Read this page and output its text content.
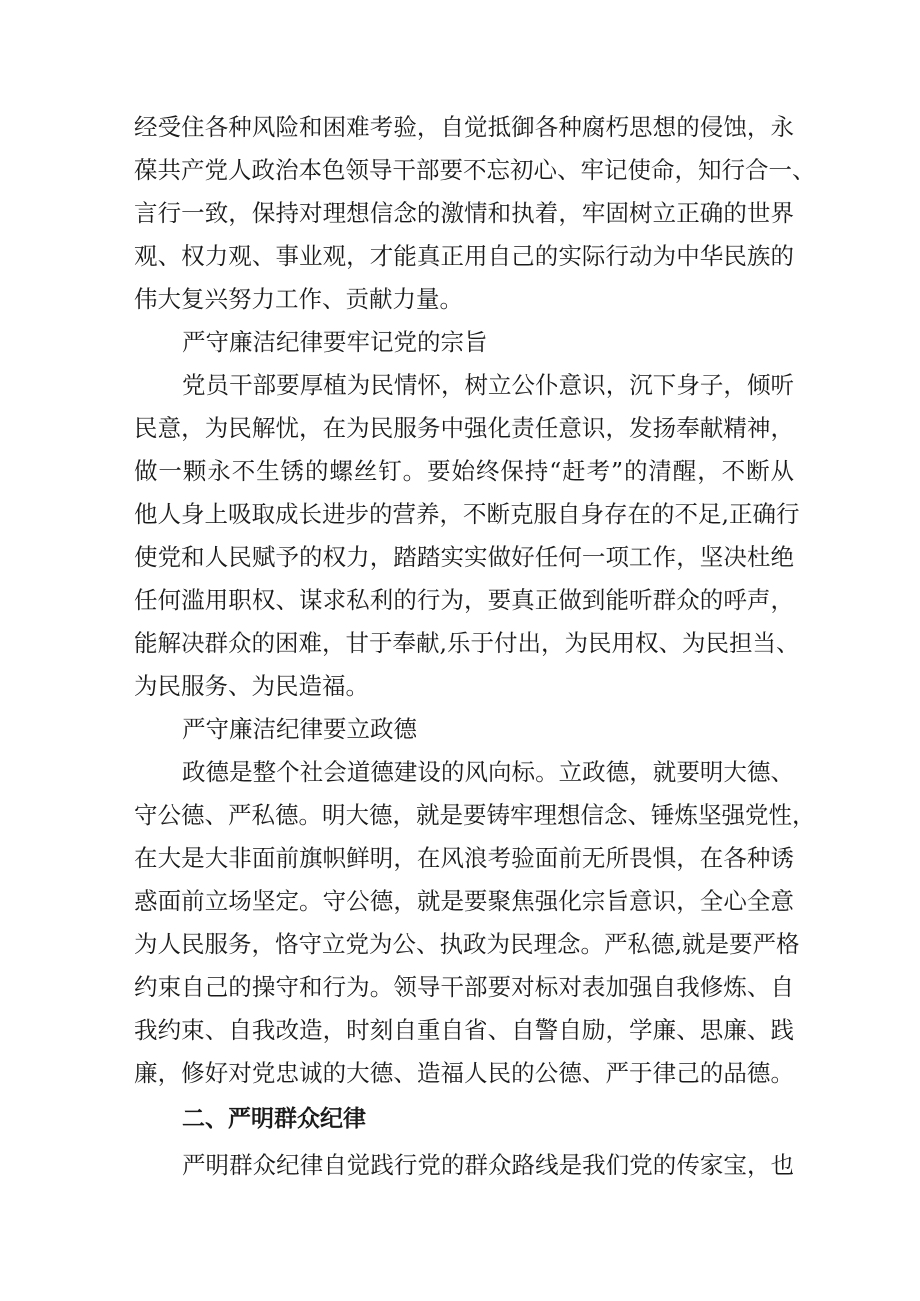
经受住各种风险和困难考验，自觉抵御各种腐朽思想的侵蚀，永
葆共产党人政治本色领导干部要不忘初心、牢记使命，知行合一、
言行一致，保持对理想信念的激情和执着，牢固树立正确的世界
观、权力观、事业观，才能真正用自己的实际行动为中华民族的
伟大复兴努力工作、贡献力量。
严守廉洁纪律要牢记党的宗旨
党员干部要厚植为民情怀，树立公仆意识，沉下身子，倾听
民意，为民解忧，在为民服务中强化责任意识，发扬奉献精神，
做一颗永不生锈的螺丝钉。要始终保持“赶考”的清醒，不断从
他人身上吸取成长进步的营养，不断克服自身存在的不足,正确行
使党和人民赋予的权力，踏踏实实做好任何一项工作，坚决杜绝
任何滥用职权、谋求私利的行为，要真正做到能听群众的呼声，
能解决群众的困难，甘于奉献,乐于付出，为民用权、为民担当、
为民服务、为民造福。
严守廉洁纪律要立政德
政德是整个社会道德建设的风向标。立政德，就要明大德、
守公德、严私德。明大德，就是要铸牢理想信念、锤炼坚强党性，
在大是大非面前旗帜鲜明，在风浪考验面前无所畏惧，在各种诱
惑面前立场坚定。守公德，就是要聚焦强化宗旨意识，全心全意
为人民服务，恪守立党为公、执政为民理念。严私德,就是要严格
约束自己的操守和行为。领导干部要对标对表加强自我修炼、自
我约束、自我改造，时刻自重自省、自警自励，学廉、思廉、践
廉，修好对党忠诚的大德、造福人民的公德、严于律己的品德。
二、严明群众纪律
严明群众纪律自觉践行党的群众路线是我们党的传家宝，也
